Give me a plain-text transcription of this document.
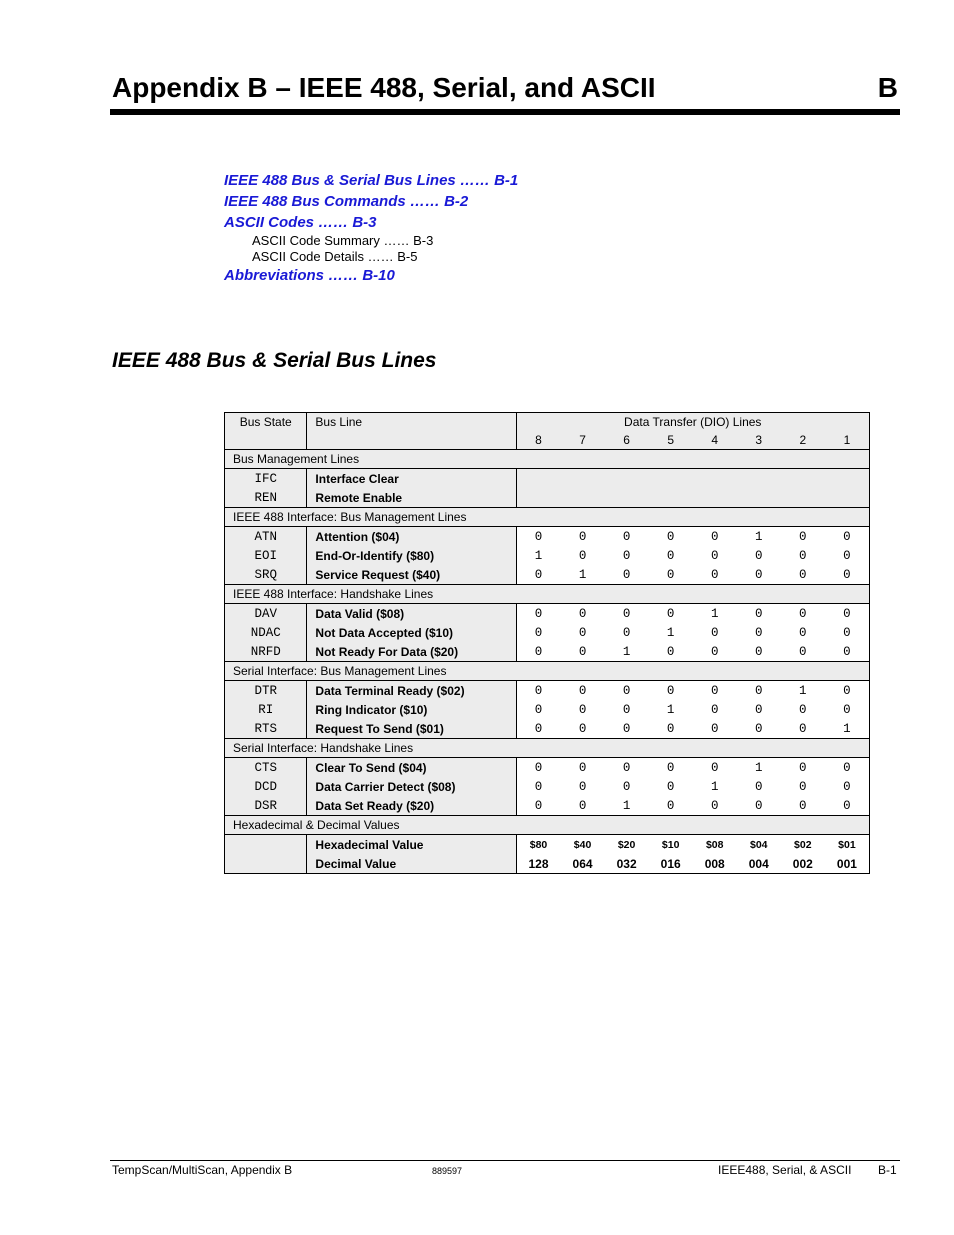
Appendix B – IEEE 488, Serial, and ASCII	B
IEEE 488 Bus & Serial Bus Lines …… B-1
IEEE 488 Bus Commands …… B-2
ASCII Codes …… B-3
ASCII Code Summary …… B-3
ASCII Code Details …… B-5
Abbreviations …… B-10
IEEE 488 Bus & Serial Bus Lines
Bus State	Bus Line	Data Transfer (DIO) Lines							
		8	7	6	5	4	3	2	1
Bus Management Lines									
IFC	Interface Clear								
REN	Remote Enable								
IEEE 488 Interface: Bus Management Lines									
ATN	Attention ($04)	0	0	0	0	0	1	0	0
EOI	End-Or-Identify ($80)	1	0	0	0	0	0	0	0
SRQ	Service Request ($40)	0	1	0	0	0	0	0	0
IEEE 488 Interface: Handshake Lines									
DAV	Data Valid ($08)	0	0	0	0	1	0	0	0
NDAC	Not Data Accepted ($10)	0	0	0	1	0	0	0	0
NRFD	Not Ready For Data ($20)	0	0	1	0	0	0	0	0
Serial Interface: Bus Management Lines									
DTR	Data Terminal Ready ($02)	0	0	0	0	0	0	1	0
RI	Ring Indicator ($10)	0	0	0	1	0	0	0	0
RTS	Request To Send ($01)	0	0	0	0	0	0	0	1
Serial Interface: Handshake Lines									
CTS	Clear To Send ($04)	0	0	0	0	0	1	0	0
DCD	Data Carrier Detect ($08)	0	0	0	0	1	0	0	0
DSR	Data Set Ready ($20)	0	0	1	0	0	0	0	0
Hexadecimal & Decimal Values									
	Hexadecimal Value	$80	$40	$20	$10	$08	$04	$02	$01
	Decimal Value	128	064	032	016	008	004	002	001
TempScan/MultiScan, Appendix B	889597	IEEE488, Serial, & ASCII B-1
